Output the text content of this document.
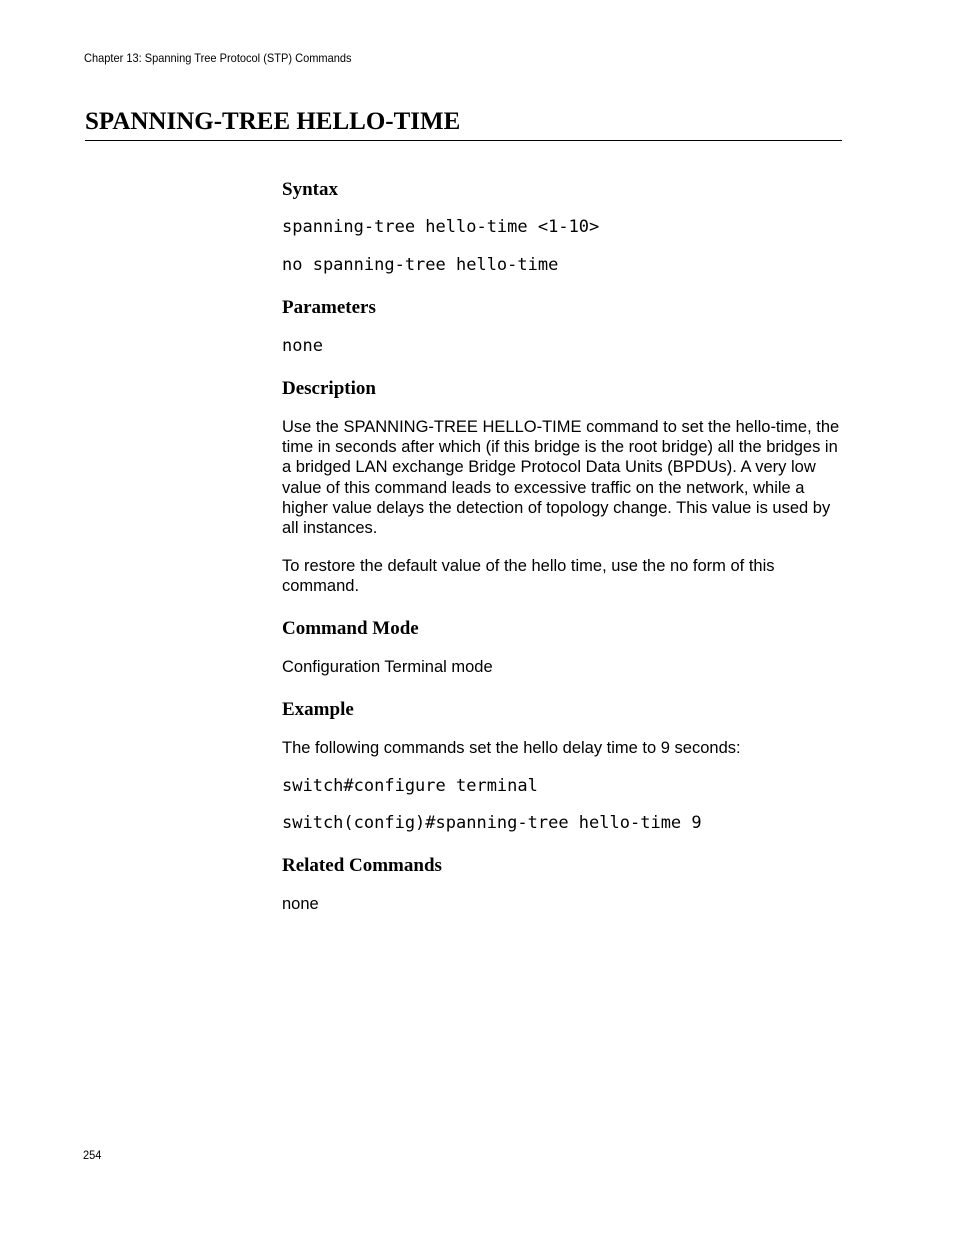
Chapter 13: Spanning Tree Protocol (STP) Commands
SPANNING-TREE HELLO-TIME
Syntax

spanning-tree hello-time <1-10>

no spanning-tree hello-time

Parameters

none

Description

Use the SPANNING-TREE HELLO-TIME command to set the hello-time, the time in seconds after which (if this bridge is the root bridge) all the bridges in a bridged LAN exchange Bridge Protocol Data Units (BPDUs). A very low value of this command leads to excessive traffic on the network, while a higher value delays the detection of topology change. This value is used by all instances.

To restore the default value of the hello time, use the no form of this command.

Command Mode

Configuration Terminal mode

Example

The following commands set the hello delay time to 9 seconds:

switch#configure terminal

switch(config)#spanning-tree hello-time 9

Related Commands

none

254
